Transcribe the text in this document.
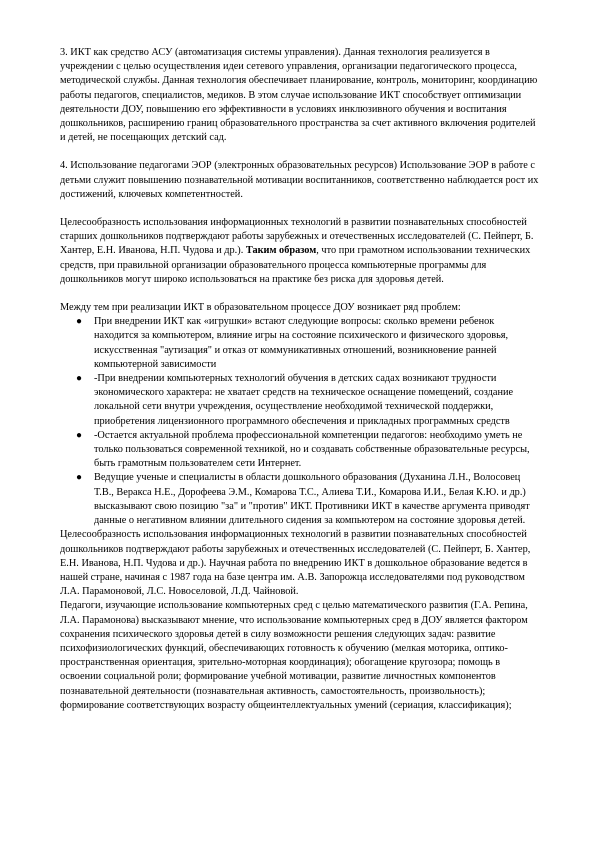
3. ИКТ как средство АСУ (автоматизация системы управления). Данная технология реализуется в учреждении с целью осуществления идеи сетевого управления, организации педагогического процесса, методической службы. Данная технология обеспечивает планирование, контроль, мониторинг, координацию работы педагогов, специалистов, медиков. В этом случае использование ИКТ способствует оптимизации деятельности ДОУ, повышению его эффективности в условиях инклюзивного обучения и воспитания дошкольников, расширению границ образовательного пространства за счет активного включения родителей и детей, не посещающих детский сад.

4. Использование педагогами ЭОР (электронных образовательных ресурсов) Использование ЭОР в работе с детьми служит повышению познавательной мотивации воспитанников, соответственно наблюдается рост их достижений, ключевых компетентностей.

Целесообразность использования информационных технологий в развитии познавательных способностей старших дошкольников подтверждают работы зарубежных и отечественных исследователей (С. Пейперт, Б. Хантер, Е.Н. Иванова, Н.П. Чудова и др.). Таким образом, что при грамотном использовании технических средств, при правильной организации образовательного процесса компьютерные программы для дошкольников могут широко использоваться на практике без риска для здоровья детей.

Между тем при реализации ИКТ в образовательном процессе ДОУ возникает ряд проблем:

● При внедрении ИКТ как «игрушки» встают следующие вопросы: сколько времени ребенок находится за компьютером, влияние игры на состояние психического и физического здоровья, искусственная "аутизация" и отказ от коммуникативных отношений, возникновение ранней компьютерной зависимости
● -При внедрении компьютерных технологий обучения в детских садах возникают трудности экономического характера: не хватает средств на техническое оснащение помещений, создание локальной сети внутри учреждения, осуществление необходимой технической поддержки, приобретения лицензионного программного обеспечения и прикладных программных средств
● -Остается актуальной проблема профессиональной компетенции педагогов: необходимо уметь не только пользоваться современной техникой, но и создавать собственные образовательные ресурсы, быть грамотным пользователем сети Интернет.
● Ведущие ученые и специалисты в области дошкольного образования (Духанина Л.Н., Волосовец Т.В., Веракса Н.Е., Дорофеева Э.М., Комарова Т.С., Алиева Т.И., Комарова И.И., Белая К.Ю. и др.) высказывают свою позицию "за" и "против" ИКТ. Противники ИКТ в качестве аргумента приводят данные о негативном влиянии длительного сидения за компьютером на состояние здоровья детей.

Целесообразность использования информационных технологий в развитии познавательных способностей дошкольников подтверждают работы зарубежных и отечественных исследователей (С. Пейперт, Б. Хантер, Е.Н. Иванова, Н.П. Чудова и др.). Научная работа по внедрению ИКТ в дошкольное образование ведется в нашей стране, начиная с 1987 года на базе центра им. А.В. Запорожца исследователями под руководством Л.А. Парамоновой, Л.С. Новоселовой, Л.Д. Чайновой.

Педагоги, изучающие использование компьютерных сред с целью математического развития (Г.А. Репина, Л.А. Парамонова) высказывают мнение, что использование компьютерных сред в ДОУ является фактором сохранения психического здоровья детей в силу возможности решения следующих задач: развитие психофизиологических функций, обеспечивающих готовность к обучению (мелкая моторика, оптико-пространственная ориентация, зрительно-моторная координация); обогащение кругозора; помощь в освоении социальной роли; формирование учебной мотивации, развитие личностных компонентов познавательной деятельности (познавательная активность, самостоятельность, произвольность); формирование соответствующих возрасту общеинтеллектуальных умений (сериация, классификация);
